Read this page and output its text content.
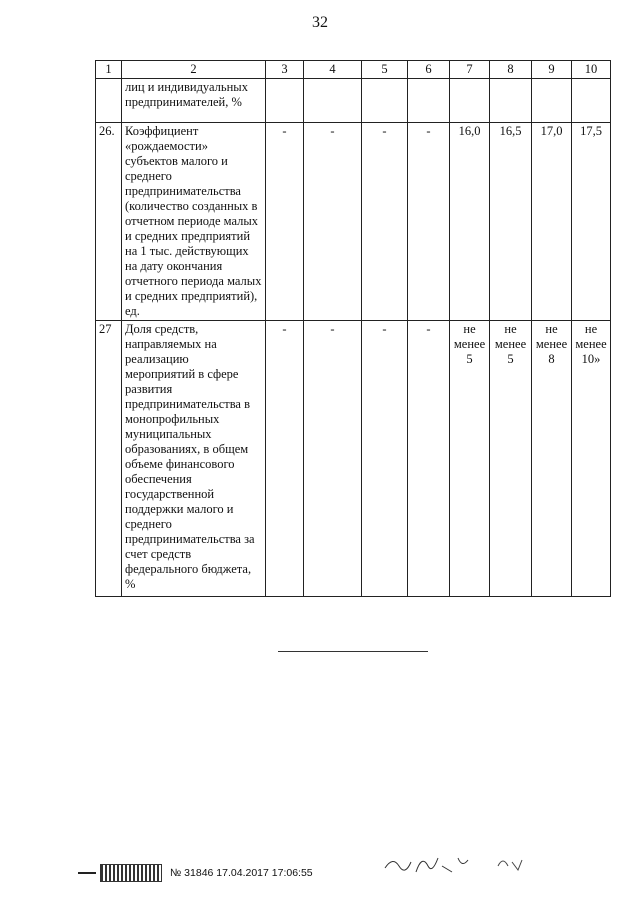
32
1	2	3	4	5	6	7	8	9	10
	лиц и индивидуальных предпринимателей, %								
26.	Коэффициент «рождаемости» субъектов малого и среднего предпринимательства (количество созданных в отчетном периоде малых и средних предприятий на 1 тыс. действующих на дату окончания отчетного периода малых и средних предприятий), ед.	-	-	-	-	16,0	16,5	17,0	17,5
27	Доля средств, направляемых на реализацию мероприятий в сфере развития предпринимательства в монопрофильных муниципальных образованиях, в общем объеме финансового обеспечения государственной поддержки малого и среднего предпринимательства за счет средств федерального бюджета, %	-	-	-	-	не менее 5	не менее 5	не менее 8	не менее 10»
№ 31846 17.04.2017 17:06:55
